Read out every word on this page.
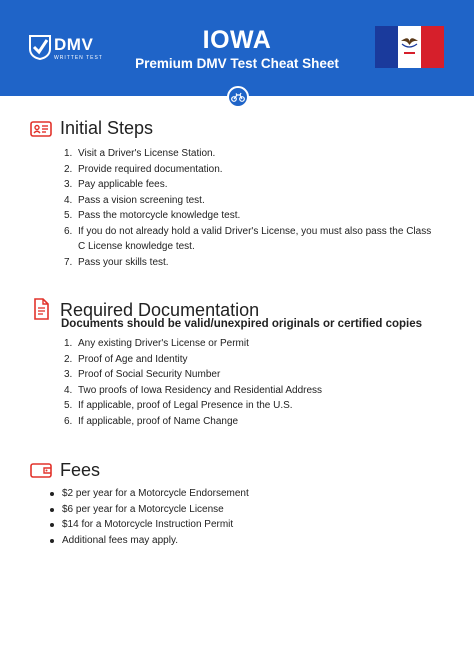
DMV
WRITTEN TEST
IOWA
Premium DMV Test Cheat Sheet
Initial Steps
1. Visit a Driver's License Station.
2. Provide required documentation.
3. Pay applicable fees.
4. Pass a vision screening test.
5. Pass the motorcycle knowledge test.
6. If you do not already hold a valid Driver's License, you must also pass the Class C License knowledge test.
7. Pass your skills test.
Required Documentation
Documents should be valid/unexpired originals or certified copies
1. Any existing Driver's License or Permit
2. Proof of Age and Identity
3. Proof of Social Security Number
4. Two proofs of Iowa Residency and Residential Address
5. If applicable, proof of Legal Presence in the U.S.
6. If applicable, proof of Name Change
Fees
$2 per year for a Motorcycle Endorsement
$6 per year for a Motorcycle License
$14 for a Motorcycle Instruction Permit
Additional fees may apply.
